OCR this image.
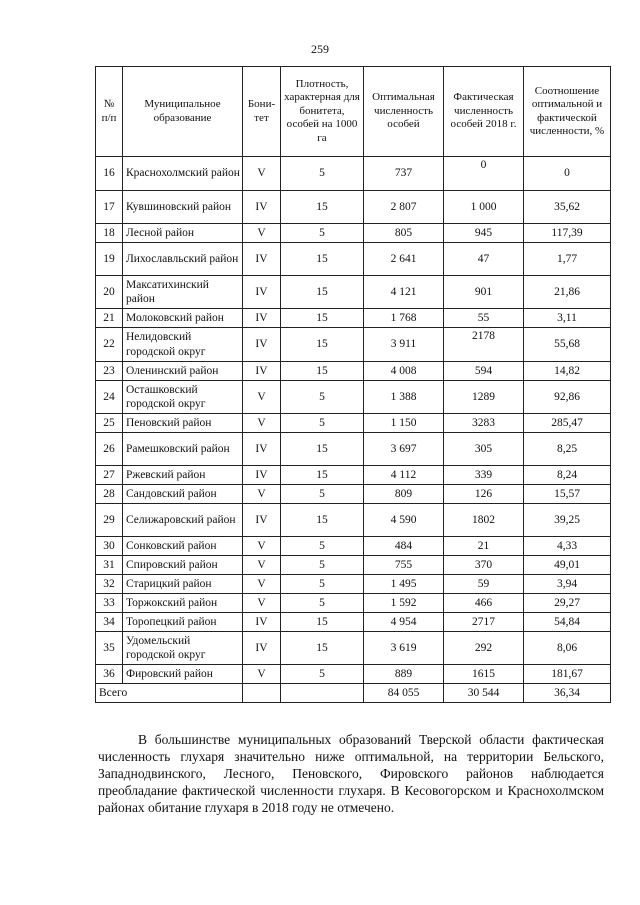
259
№ п/п	Муниципальное образование	Бони-тет	Плотность, характерная для бонитета, особей на 1000 га	Оптимальная численность особей	Фактическая численность особей 2018 г.	Соотношение оптимальной и фактической численности, %
16	Краснохолмский район	V	5	737	0	0
17	Кувшиновский район	IV	15	2 807	1 000	35,62
18	Лесной район	V	5	805	945	117,39
19	Лихославльский район	IV	15	2 641	47	1,77
20	Максатихинский район	IV	15	4 121	901	21,86
21	Молоковский район	IV	15	1 768	55	3,11
22	Нелидовский городской округ	IV	15	3 911	2178	55,68
23	Оленинский район	IV	15	4 008	594	14,82
24	Осташковский городской округ	V	5	1 388	1289	92,86
25	Пеновский район	V	5	1 150	3283	285,47
26	Рамешковский район	IV	15	3 697	305	8,25
27	Ржевский район	IV	15	4 112	339	8,24
28	Сандовский район	V	5	809	126	15,57
29	Селижаровский район	IV	15	4 590	1802	39,25
30	Сонковский район	V	5	484	21	4,33
31	Спировский район	V	5	755	370	49,01
32	Старицкий район	V	5	1 495	59	3,94
33	Торжокский район	V	5	1 592	466	29,27
34	Торопецкий район	IV	15	4 954	2717	54,84
35	Удомельский городской округ	IV	15	3 619	292	8,06
36	Фировский район	V	5	889	1615	181,67
Всего				84 055	30 544	36,34

В большинстве муниципальных образований Тверской области фактическая численность глухаря значительно ниже оптимальной, на территории Бельского, Западнодвинского, Лесного, Пеновского, Фировского районов наблюдается преобладание фактической численности глухаря. В Кесовогорском и Краснохолмском районах обитание глухаря в 2018 году не отмечено.
